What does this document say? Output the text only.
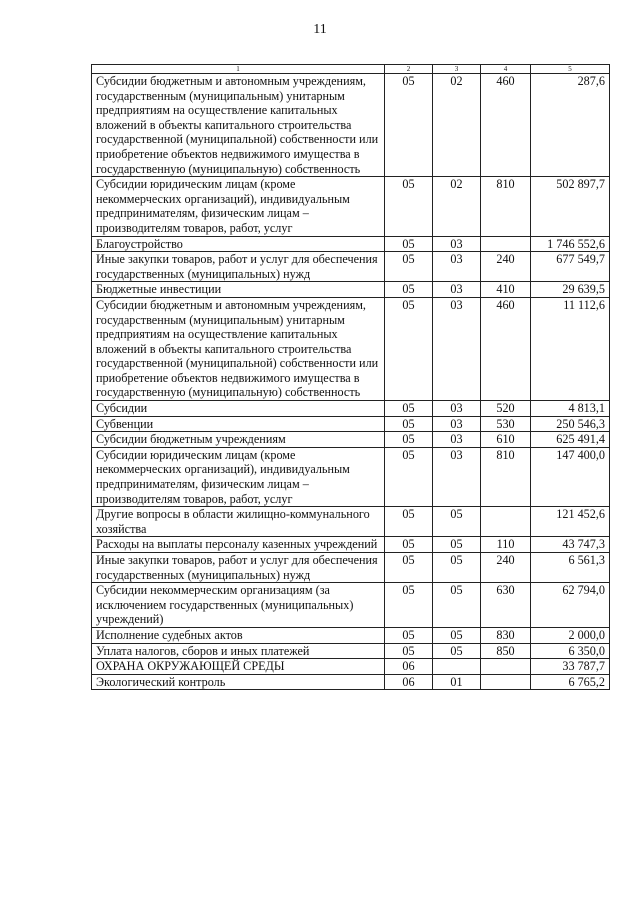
11
1	2	3	4	5
Субсидии бюджетным и автономным учреждениям, государственным (муниципальным) унитарным предприятиям на осуществление капитальных вложений в объекты капитального строительства государственной (муниципальной) собственности или приобретение объектов недвижимого имущества в государственную (муниципальную) собственность	05	02	460	287,6
Субсидии юридическим лицам (кроме некоммерческих организаций), индивидуальным предпринимателям, физическим лицам – производителям товаров, работ, услуг	05	02	810	502 897,7
Благоустройство	05	03		1 746 552,6
Иные закупки товаров, работ и услуг для обеспечения государственных (муниципальных) нужд	05	03	240	677 549,7
Бюджетные инвестиции	05	03	410	29 639,5
Субсидии бюджетным и автономным учреждениям, государственным (муниципальным) унитарным предприятиям на осуществление капитальных вложений в объекты капитального строительства государственной (муниципальной) собственности или приобретение объектов недвижимого имущества в государственную (муниципальную) собственность	05	03	460	11 112,6
Субсидии	05	03	520	4 813,1
Субвенции	05	03	530	250 546,3
Субсидии бюджетным учреждениям	05	03	610	625 491,4
Субсидии юридическим лицам (кроме некоммерческих организаций), индивидуальным предпринимателям, физическим лицам – производителям товаров, работ, услуг	05	03	810	147 400,0
Другие вопросы в области жилищно-коммунального хозяйства	05	05		121 452,6
Расходы на выплаты персоналу казенных учреждений	05	05	110	43 747,3
Иные закупки товаров, работ и услуг для обеспечения государственных (муниципальных) нужд	05	05	240	6 561,3
Субсидии некоммерческим организациям (за исключением государственных (муниципальных) учреждений)	05	05	630	62 794,0
Исполнение судебных актов	05	05	830	2 000,0
Уплата налогов, сборов и иных платежей	05	05	850	6 350,0
ОХРАНА ОКРУЖАЮЩЕЙ СРЕДЫ	06			33 787,7
Экологический контроль	06	01		6 765,2
